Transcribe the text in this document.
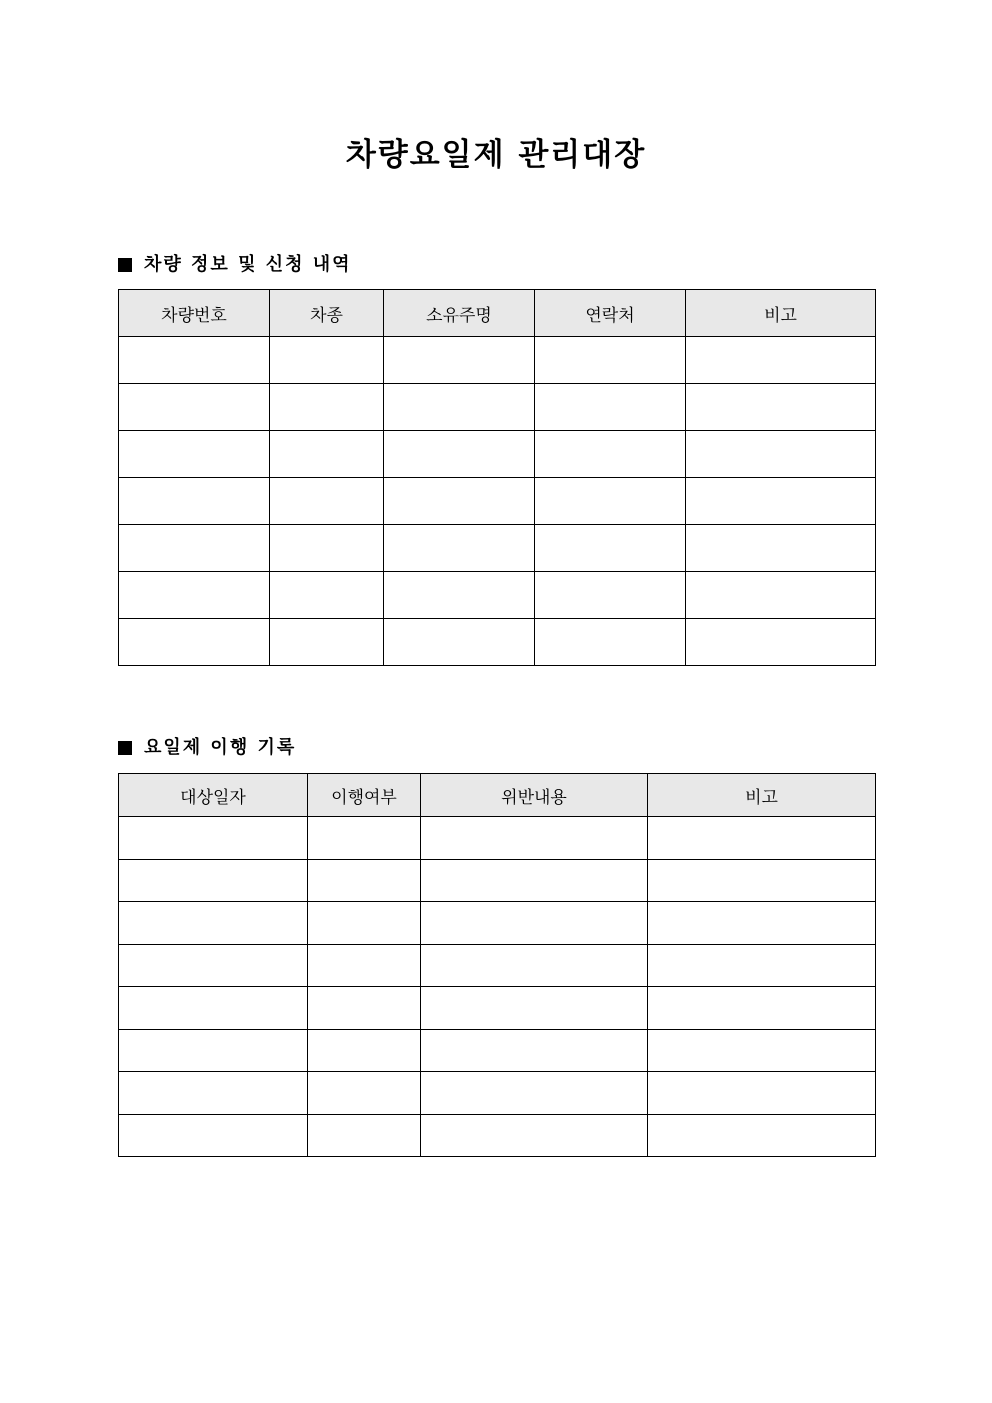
차량요일제 관리대장
차량 정보 및 신청 내역
차량번호	차종	소유주명	연락처	비고

요일제 이행 기록
대상일자	이행여부	위반내용	비고
